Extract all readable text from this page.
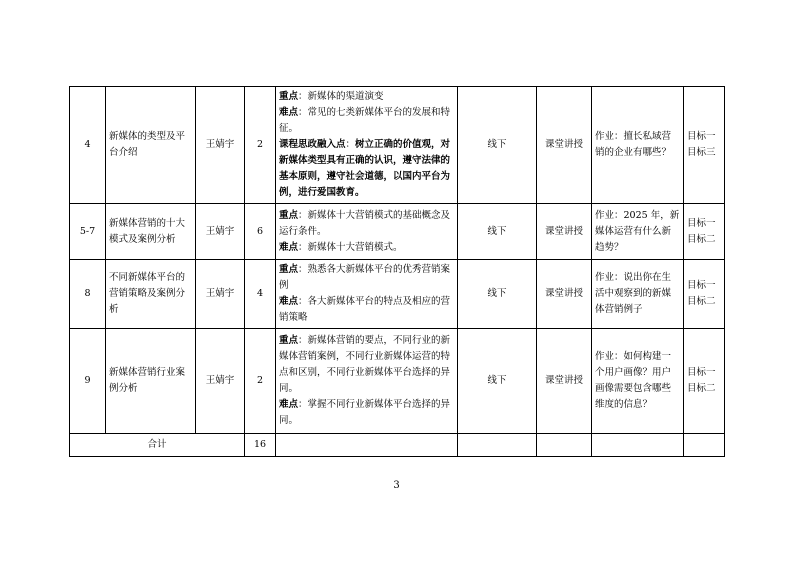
4	新媒体的类型及平台介绍	王婧宇	2	重点：新媒体的渠道演变
难点：常见的七类新媒体平台的发展和特征。
课程思政融入点：树立正确的价值观，对新媒体类型具有正确的认识，遵守法律的基本原则，遵守社会道德，以国内平台为例，进行爱国教育。	线下	课堂讲授	作业：擅长私域营销的企业有哪些？	目标一
目标三

5-7	新媒体营销的十大模式及案例分析	王婧宇	6	重点：新媒体十大营销模式的基础概念及运行条件。
难点：新媒体十大营销模式。	线下	课堂讲授	作业：2025 年，新媒体运营有什么新趋势？	目标一
目标二

8	不同新媒体平台的营销策略及案例分析	王婧宇	4	重点：熟悉各大新媒体平台的优秀营销案例
难点：各大新媒体平台的特点及相应的营销策略	线下	课堂讲授	作业：说出你在生活中观察到的新媒体营销例子	目标一
目标二

9	新媒体营销行业案例分析	王婧宇	2	重点：新媒体营销的要点，不同行业的新媒体营销案例，不同行业新媒体运营的特点和区别，不同行业新媒体平台选择的异同。
难点：掌握不同行业新媒体平台选择的异同。	线下	课堂讲授	作业：如何构建一个用户画像？用户画像需要包含哪些维度的信息？	目标一
目标二

合计			16					
3
